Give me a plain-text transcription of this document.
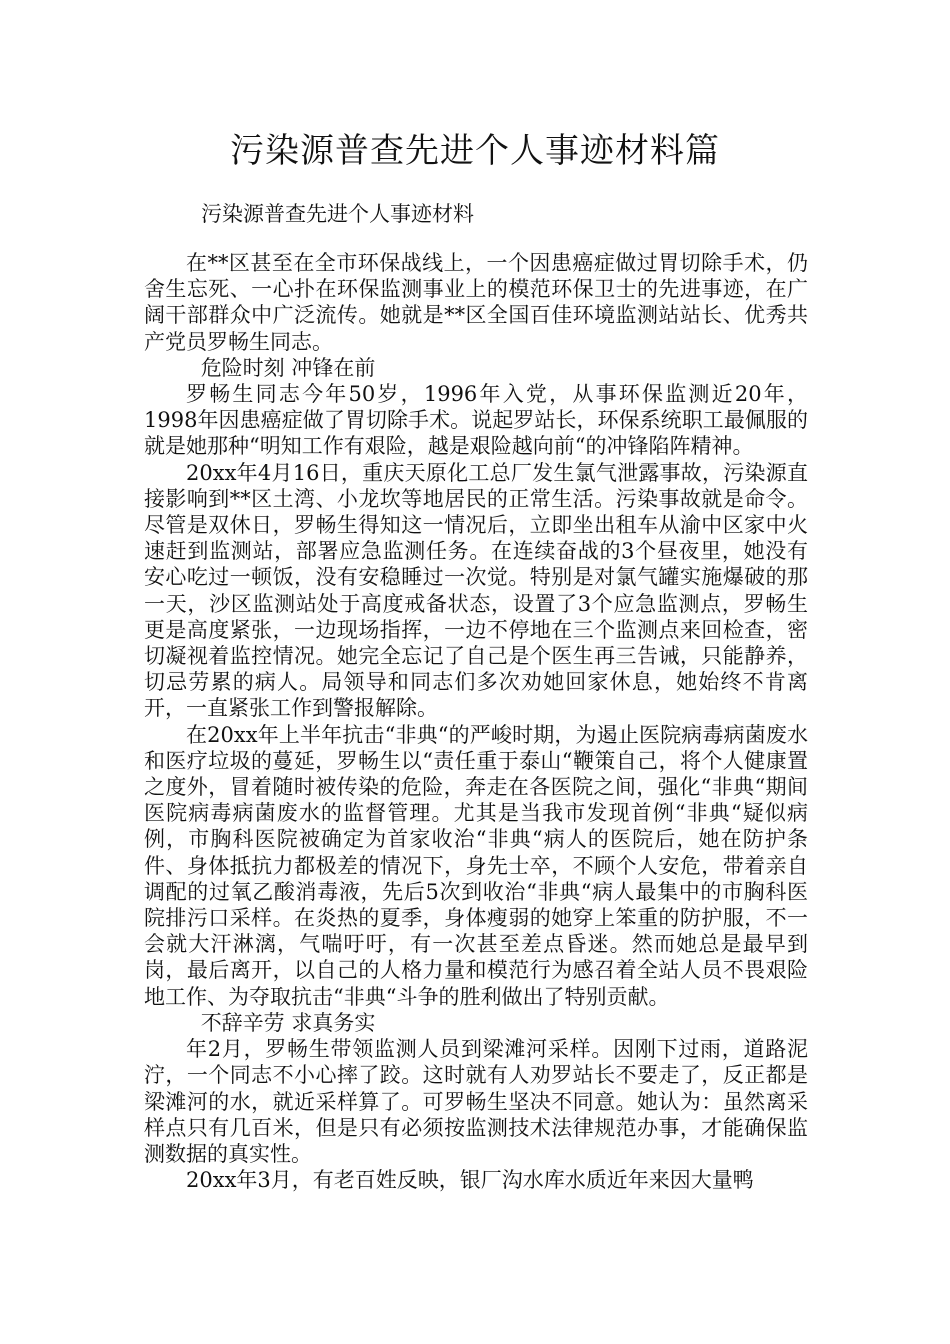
污染源普查先进个人事迹材料篇

污染源普查先进个人事迹材料

在**区甚至在全市环保战线上，一个因患癌症做过胃切除手术，仍舍生忘死、一心扑在环保监测事业上的模范环保卫士的先进事迹，在广阔干部群众中广泛流传。她就是**区全国百佳环境监测站站长、优秀共产党员罗畅生同志。

危险时刻 冲锋在前

罗畅生同志今年50岁，1996年入党，从事环保监测近20年，1998年因患癌症做了胃切除手术。说起罗站长，环保系统职工最佩服的就是她那种“明知工作有艰险，越是艰险越向前“的冲锋陷阵精神。

20xx年4月16日，重庆天原化工总厂发生氯气泄露事故，污染源直接影响到**区土湾、小龙坎等地居民的正常生活。污染事故就是命令。尽管是双休日，罗畅生得知这一情况后，立即坐出租车从渝中区家中火速赶到监测站，部署应急监测任务。在连续奋战的3个昼夜里，她没有安心吃过一顿饭，没有安稳睡过一次觉。特别是对氯气罐实施爆破的那一天，沙区监测站处于高度戒备状态，设置了3个应急监测点，罗畅生更是高度紧张，一边现场指挥，一边不停地在三个监测点来回检查，密切凝视着监控情况。她完全忘记了自己是个医生再三告诫，只能静养，切忌劳累的病人。局领导和同志们多次劝她回家休息，她始终不肯离开，一直紧张工作到警报解除。

在20xx年上半年抗击“非典“的严峻时期，为遏止医院病毒病菌废水和医疗垃圾的蔓延，罗畅生以“责任重于泰山“鞭策自己，将个人健康置之度外，冒着随时被传染的危险，奔走在各医院之间，强化“非典“期间医院病毒病菌废水的监督管理。尤其是当我市发现首例“非典“疑似病例，市胸科医院被确定为首家收治“非典“病人的医院后，她在防护条件、身体抵抗力都极差的情况下，身先士卒，不顾个人安危，带着亲自调配的过氧乙酸消毒液，先后5次到收治“非典“病人最集中的市胸科医院排污口采样。在炎热的夏季，身体瘦弱的她穿上笨重的防护服，不一会就大汗淋漓，气喘吁吁，有一次甚至差点昏迷。然而她总是最早到岗，最后离开，以自己的人格力量和模范行为感召着全站人员不畏艰险地工作、为夺取抗击“非典“斗争的胜利做出了特别贡献。

不辞辛劳 求真务实

年2月，罗畅生带领监测人员到梁滩河采样。因刚下过雨，道路泥泞，一个同志不小心摔了跤。这时就有人劝罗站长不要走了，反正都是梁滩河的水，就近采样算了。可罗畅生坚决不同意。她认为：虽然离采样点只有几百米，但是只有必须按监测技术法律规范办事，才能确保监测数据的真实性。

20xx年3月，有老百姓反映，银厂沟水库水质近年来因大量鸭
